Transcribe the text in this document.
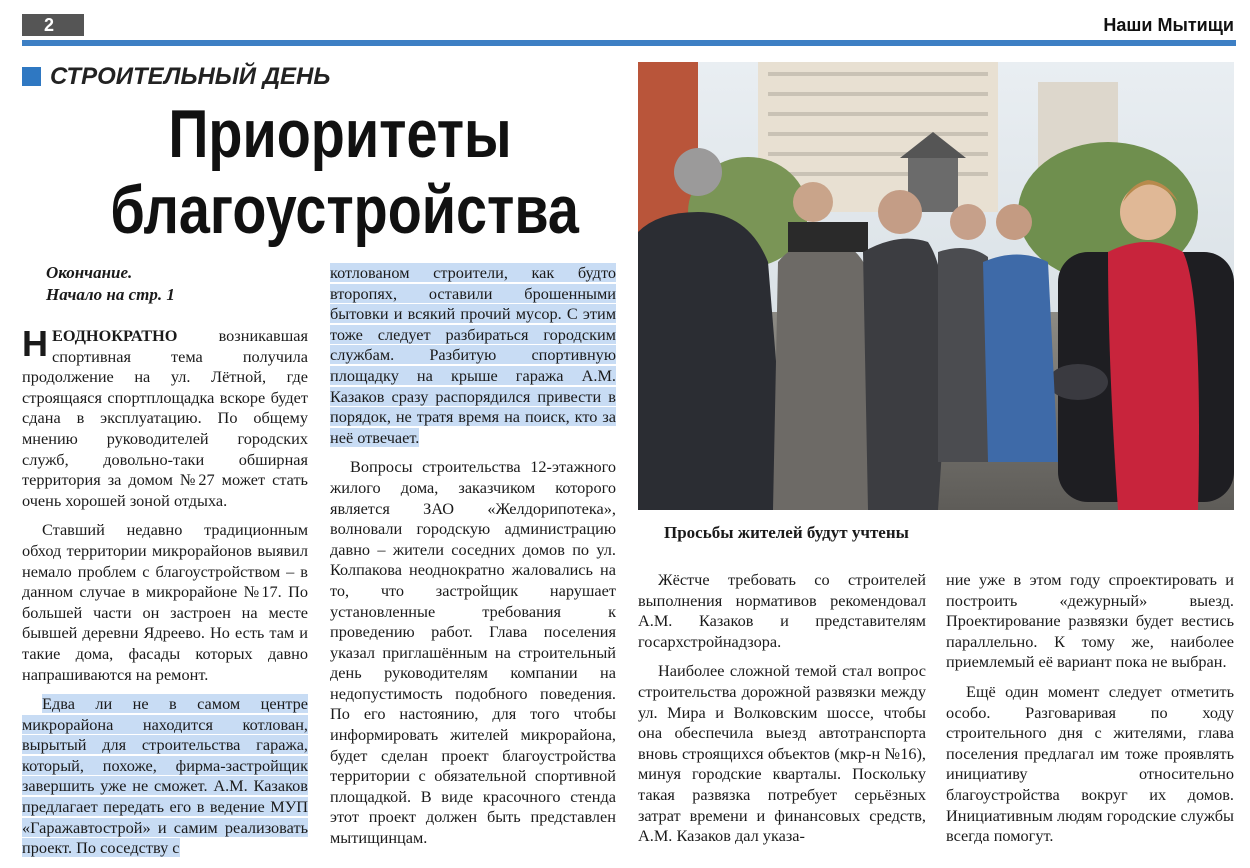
2	Наши Мытищи
СТРОИТЕЛЬНЫЙ ДЕНЬ
Приоритеты
благоустройства
Окончание.
Начало на стр. 1

НЕОДНОКРАТНО возникавшая спортивная тема получила продолжение на ул. Лётной, где строящаяся спортплощадка вскоре будет сдана в эксплуатацию. По общему мнению руководителей городских служб, довольно-таки обширная территория за домом №27 может стать очень хорошей зоной отдыха.

Ставший недавно традиционным обход территории микрорайонов выявил немало проблем с благоустройством – в данном случае в микрорайоне №17. По большей части он застроен на месте бывшей деревни Ядреево. Но есть там и такие дома, фасады которых давно напрашиваются на ремонт.

Едва ли не в самом центре микрорайона находится котлован, вырытый для строительства гаража, который, похоже, фирма-застройщик завершить уже не сможет. А.М. Казаков предлагает передать его в ведение МУП «Гаражавтострой» и самим реализовать проект. По соседству с

котлованом строители, как будто второпях, оставили брошенными бытовки и всякий прочий мусор. С этим тоже следует разбираться городским службам. Разбитую спортивную площадку на крыше гаража А.М. Казаков сразу распорядился привести в порядок, не тратя время на поиск, кто за неё отвечает.

Вопросы строительства 12-этажного жилого дома, заказчиком которого является ЗАО «Желдорипотека», волновали городскую администрацию давно – жители соседних домов по ул. Колпакова неоднократно жаловались на то, что застройщик нарушает установленные требования к проведению работ. Глава поселения указал приглашённым на строительный день руководителям компании на недопустимость подобного поведения. По его настоянию, для того чтобы информировать жителей микрорайона, будет сделан проект благоустройства территории с обязательной спортивной площадкой. В виде красочного стенда этот проект должен быть представлен мытищинцам.

Просьбы жителей будут учтены

Жёстче требовать со строителей выполнения нормативов рекомендовал А.М. Казаков и представителям госархстройнадзора.

Наиболее сложной темой стал вопрос строительства дорожной развязки между ул. Мира и Волковским шоссе, чтобы она обеспечила выезд автотранспорта вновь строящихся объектов (мкр-н №16), минуя городские кварталы. Поскольку такая развязка потребует серьёзных затрат времени и финансовых средств, А.М. Казаков дал указа-

ние уже в этом году спроектировать и построить «дежурный» выезд. Проектирование развязки будет вестись параллельно. К тому же, наиболее приемлемый её вариант пока не выбран.

Ещё один момент следует отметить особо. Разговаривая по ходу строительного дня с жителями, глава поселения предлагал им тоже проявлять инициативу относительно благоустройства вокруг их домов. Инициативным людям городские службы всегда помогут.
